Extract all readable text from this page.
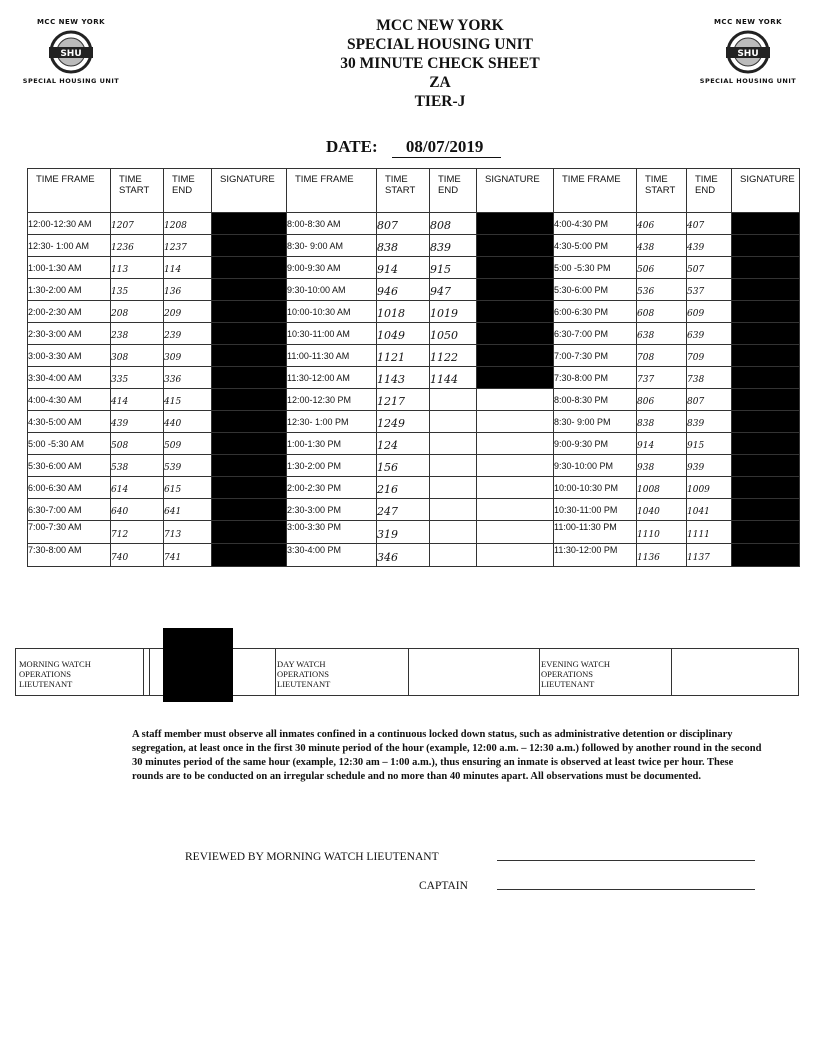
MCC NEW YORK
SHU
SPECIAL HOUSING UNIT
MCC NEW YORK
SHU
SPECIAL HOUSING UNIT
MCC NEW YORK
SPECIAL HOUSING UNIT
30 MINUTE CHECK SHEET
ZA
TIER-J
DATE: 08/07/2019
TIME FRAME	TIME START	TIME END	SIGNATURE	TIME FRAME	TIME START	TIME END	SIGNATURE	TIME FRAME	TIME START	TIME END	SIGNATURE
12:00-12:30 AM	1207	1208		8:00-8:30 AM	807	808		4:00-4:30 PM	406	407	
12:30- 1:00 AM	1236	1237		8:30- 9:00 AM	838	839		4:30-5:00 PM	438	439	
1:00-1:30 AM	113	114		9:00-9:30 AM	914	915		5:00 -5:30 PM	506	507	
1:30-2:00 AM	135	136		9:30-10:00 AM	946	947		5:30-6:00 PM	536	537	
2:00-2:30 AM	208	209		10:00-10:30 AM	1018	1019		6:00-6:30 PM	608	609	
2:30-3:00 AM	238	239		10:30-11:00 AM	1049	1050		6:30-7:00 PM	638	639	
3:00-3:30 AM	308	309		11:00-11:30 AM	1121	1122		7:00-7:30 PM	708	709	
3:30-4:00 AM	335	336		11:30-12:00 AM	1143	1144		7:30-8:00 PM	737	738	
4:00-4:30 AM	414	415		12:00-12:30 PM	1217			8:00-8:30 PM	806	807	
4:30-5:00 AM	439	440		12:30- 1:00 PM	1249			8:30- 9:00 PM	838	839	
5:00 -5:30 AM	508	509		1:00-1:30 PM	124			9:00-9:30 PM	914	915	
5:30-6:00 AM	538	539		1:30-2:00 PM	156			9:30-10:00 PM	938	939	
6:00-6:30 AM	614	615		2:00-2:30 PM	216			10:00-10:30 PM	1008	1009	
6:30-7:00 AM	640	641		2:30-3:00 PM	247			10:30-11:00 PM	1040	1041	
7:00-7:30 AM	712	713		3:00-3:30 PM	319			11:00-11:30 PM	1110	1111	
7:30-8:00 AM	740	741		3:30-4:00 PM	346			11:30-12:00 PM	1136	1137	
MORNING WATCH
OPERATIONS
LIEUTENANT
DAY WATCH
OPERATIONS
LIEUTENANT
EVENING WATCH
OPERATIONS
LIEUTENANT
A staff member must observe all inmates confined in a continuous locked down status, such as administrative detention or disciplinary segregation, at least once in the first 30 minute period of the hour (example, 12:00 a.m. – 12:30 a.m.) followed by another round in the second 30 minutes period of the same hour (example, 12:30 am – 1:00 a.m.), thus ensuring an inmate is observed at least twice per hour. These rounds are to be conducted on an irregular schedule and no more than 40 minutes apart. All observations must be documented.
REVIEWED BY MORNING WATCH LIEUTENANT
CAPTAIN
